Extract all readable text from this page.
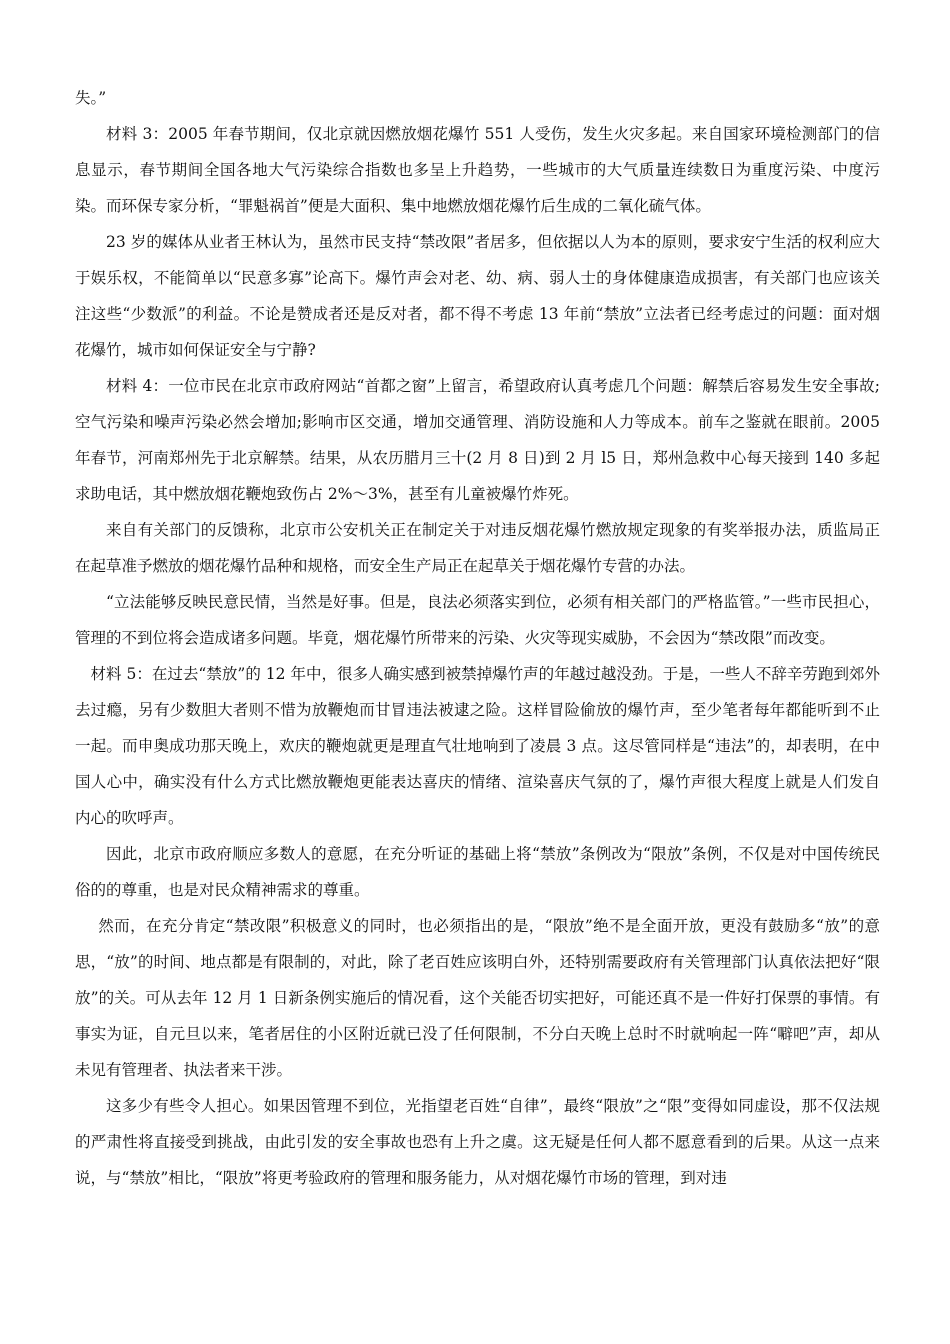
失。”

材料 3：2005 年春节期间，仅北京就因燃放烟花爆竹 551 人受伤，发生火灾多起。来自国家环境检测部门的信息显示，春节期间全国各地大气污染综合指数也多呈上升趋势，一些城市的大气质量连续数日为重度污染、中度污染。而环保专家分析，“罪魁祸首”便是大面积、集中地燃放烟花爆竹后生成的二氧化硫气体。

23 岁的媒体从业者王林认为，虽然市民支持“禁改限”者居多，但依据以人为本的原则，要求安宁生活的权利应大于娱乐权，不能简单以“民意多寡”论高下。爆竹声会对老、幼、病、弱人士的身体健康造成损害，有关部门也应该关注这些“少数派”的利益。不论是赞成者还是反对者，都不得不考虑 13 年前“禁放”立法者已经考虑过的问题：面对烟花爆竹，城市如何保证安全与宁静?

材料 4：一位市民在北京市政府网站“首都之窗”上留言，希望政府认真考虑几个问题：解禁后容易发生安全事故;空气污染和噪声污染必然会增加;影响市区交通，增加交通管理、消防设施和人力等成本。前车之鉴就在眼前。2005 年春节，河南郑州先于北京解禁。结果，从农历腊月三十(2 月 8 日)到 2 月 l5 日，郑州急救中心每天接到 140 多起求助电话，其中燃放烟花鞭炮致伤占 2%～3%，甚至有儿童被爆竹炸死。

来自有关部门的反馈称，北京市公安机关正在制定关于对违反烟花爆竹燃放规定现象的有奖举报办法，质监局正在起草准予燃放的烟花爆竹品种和规格，而安全生产局正在起草关于烟花爆竹专营的办法。

“立法能够反映民意民情，当然是好事。但是，良法必须落实到位，必须有相关部门的严格监管。”一些市民担心，管理的不到位将会造成诸多问题。毕竟，烟花爆竹所带来的污染、火灾等现实威胁，不会因为“禁改限”而改变。

材料 5：在过去“禁放”的 12 年中，很多人确实感到被禁掉爆竹声的年越过越没劲。于是，一些人不辞辛劳跑到郊外去过瘾，另有少数胆大者则不惜为放鞭炮而甘冒违法被逮之险。这样冒险偷放的爆竹声，至少笔者每年都能听到不止一起。而申奥成功那天晚上，欢庆的鞭炮就更是理直气壮地响到了凌晨 3 点。这尽管同样是“违法”的，却表明，在中国人心中，确实没有什么方式比燃放鞭炮更能表达喜庆的情绪、渲染喜庆气氛的了，爆竹声很大程度上就是人们发自内心的吹呼声。

因此，北京市政府顺应多数人的意愿，在充分听证的基础上将“禁放”条例改为“限放”条例，不仅是对中国传统民俗的的尊重，也是对民众精神需求的尊重。

然而，在充分肯定“禁改限”积极意义的同时，也必须指出的是，“限放”绝不是全面开放，更没有鼓励多“放”的意思，“放”的时间、地点都是有限制的，对此，除了老百姓应该明白外，还特别需要政府有关管理部门认真依法把好“限放”的关。可从去年 12 月 1 日新条例实施后的情况看，这个关能否切实把好，可能还真不是一件好打保票的事情。有事实为证，自元旦以来，笔者居住的小区附近就已没了任何限制，不分白天晚上总时不时就响起一阵“噼吧”声，却从未见有管理者、执法者来干涉。

这多少有些令人担心。如果因管理不到位，光指望老百姓“自律”，最终“限放”之“限”变得如同虚设，那不仅法规的严肃性将直接受到挑战，由此引发的安全事故也恐有上升之虞。这无疑是任何人都不愿意看到的后果。从这一点来说，与“禁放”相比，“限放”将更考验政府的管理和服务能力，从对烟花爆竹市场的管理，到对违
